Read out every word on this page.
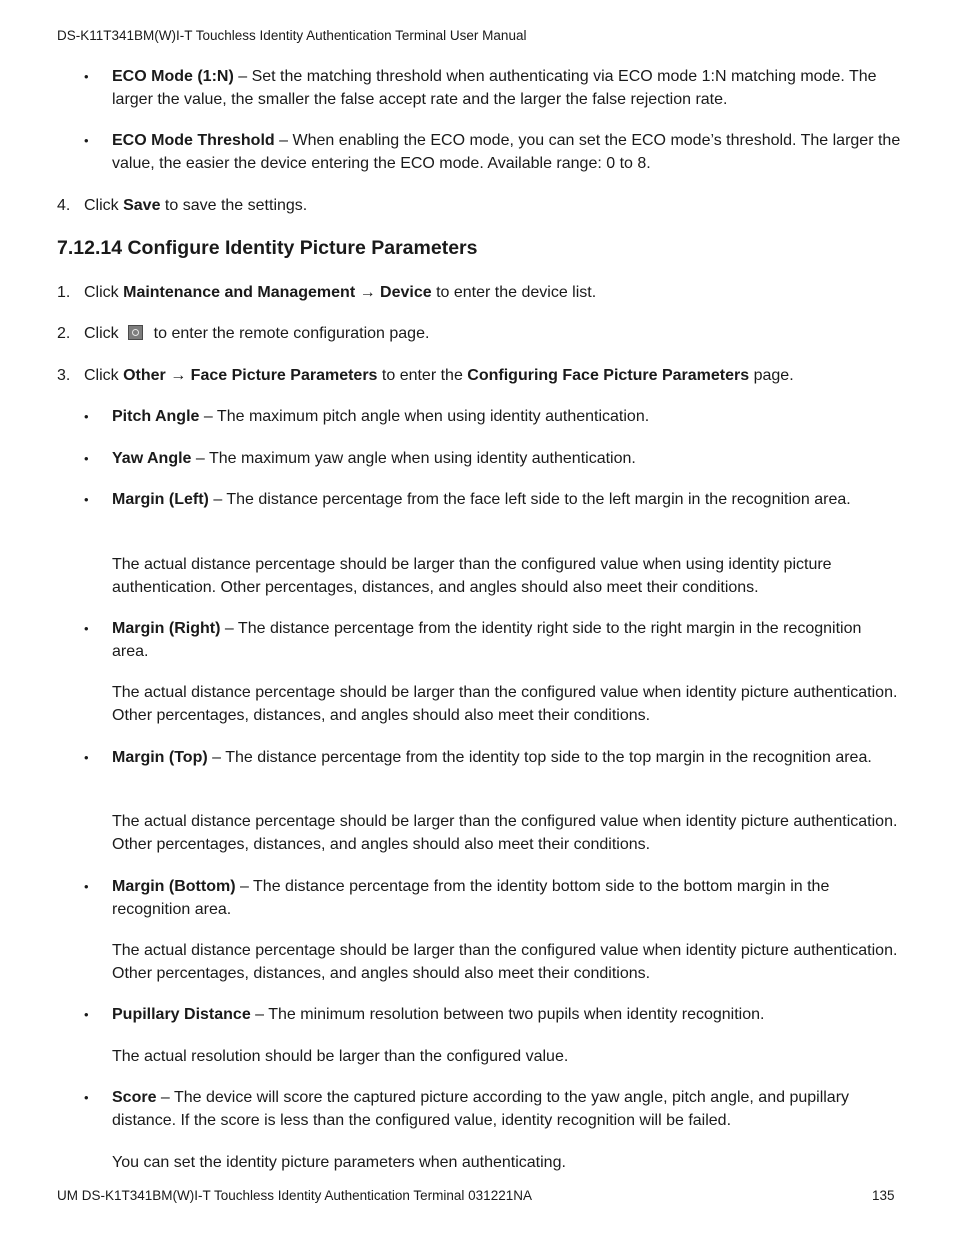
DS-K11T341BM(W)I-T Touchless Identity Authentication Terminal User Manual
• ECO Mode (1:N) – Set the matching threshold when authenticating via ECO mode 1:N matching mode. The larger the value, the smaller the false accept rate and the larger the false rejection rate.
• ECO Mode Threshold – When enabling the ECO mode, you can set the ECO mode’s threshold. The larger the value, the easier the device entering the ECO mode. Available range: 0 to 8.
4. Click Save to save the settings.
7.12.14 Configure Identity Picture Parameters
1. Click Maintenance and Management → Device to enter the device list.
2. Click to enter the remote configuration page.
3. Click Other → Face Picture Parameters to enter the Configuring Face Picture Parameters page.
• Pitch Angle – The maximum pitch angle when using identity authentication.
• Yaw Angle – The maximum yaw angle when using identity authentication.
• Margin (Left) – The distance percentage from the face left side to the left margin in the recognition area.
The actual distance percentage should be larger than the configured value when using identity picture authentication. Other percentages, distances, and angles should also meet their conditions.
• Margin (Right) – The distance percentage from the identity right side to the right margin in the recognition area.
The actual distance percentage should be larger than the configured value when identity picture authentication. Other percentages, distances, and angles should also meet their conditions.
• Margin (Top) – The distance percentage from the identity top side to the top margin in the recognition area.
The actual distance percentage should be larger than the configured value when identity picture authentication. Other percentages, distances, and angles should also meet their conditions.
• Margin (Bottom) – The distance percentage from the identity bottom side to the bottom margin in the recognition area.
The actual distance percentage should be larger than the configured value when identity picture authentication. Other percentages, distances, and angles should also meet their conditions.
• Pupillary Distance – The minimum resolution between two pupils when identity recognition.
The actual resolution should be larger than the configured value.
• Score – The device will score the captured picture according to the yaw angle, pitch angle, and pupillary distance. If the score is less than the configured value, identity recognition will be failed.
You can set the identity picture parameters when authenticating.
UM DS-K1T341BM(W)I-T Touchless Identity Authentication Terminal 031221NA	135
